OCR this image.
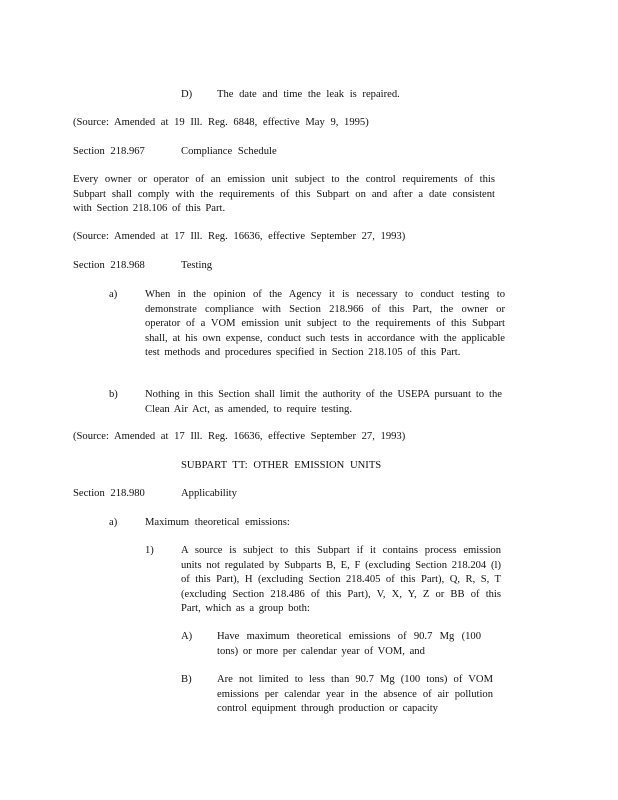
D) The date and time the leak is repaired.
(Source: Amended at 19 Ill. Reg. 6848, effective May 9, 1995)
Section 218.967	Compliance Schedule
Every owner or operator of an emission unit subject to the control requirements of this Subpart shall comply with the requirements of this Subpart on and after a date consistent with Section 218.106 of this Part.
(Source: Amended at 17 Ill. Reg. 16636, effective September 27, 1993)
Section 218.968	Testing
a)	When in the opinion of the Agency it is necessary to conduct testing to demonstrate compliance with Section 218.966 of this Part, the owner or operator of a VOM emission unit subject to the requirements of this Subpart shall, at his own expense, conduct such tests in accordance with the applicable test methods and procedures specified in Section 218.105 of this Part.
b)	Nothing in this Section shall limit the authority of the USEPA pursuant to the Clean Air Act, as amended, to require testing.
(Source: Amended at 17 Ill. Reg. 16636, effective September 27, 1993)
SUBPART TT: OTHER EMISSION UNITS
Section 218.980	Applicability
a)	Maximum theoretical emissions:
1)	A source is subject to this Subpart if it contains process emission units not regulated by Subparts B, E, F (excluding Section 218.204 (l) of this Part), H (excluding Section 218.405 of this Part), Q, R, S, T (excluding Section 218.486 of this Part), V, X, Y, Z or BB of this Part, which as a group both:
A) Have maximum theoretical emissions of 90.7 Mg (100 tons) or more per calendar year of VOM, and
B) Are not limited to less than 90.7 Mg (100 tons) of VOM emissions per calendar year in the absence of air pollution control equipment through production or capacity
